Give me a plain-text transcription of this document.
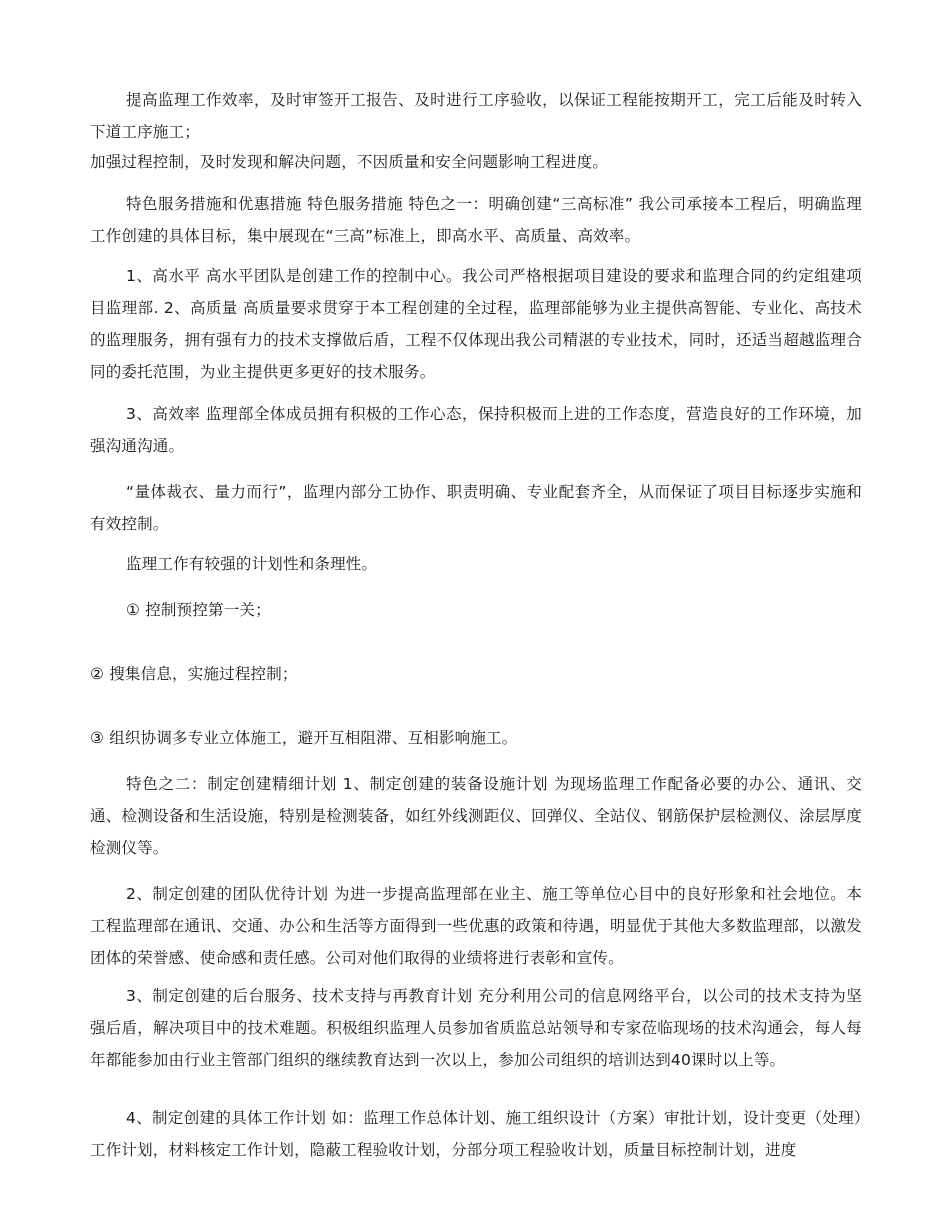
提高监理工作效率，及时审签开工报告、及时进行工序验收，以保证工程能按期开工，完工后能及时转入下道工序施工；
加强过程控制，及时发现和解决问题，不因质量和安全问题影响工程进度。
特色服务措施和优惠措施 特色服务措施 特色之一：明确创建“三高标准” 我公司承接本工程后，明确监理工作创建的具体目标，集中展现在“三高”标准上，即高水平、高质量、高效率。
1、高水平 高水平团队是创建工作的控制中心。我公司严格根据项目建设的要求和监理合同的约定组建项目监理部. 2、高质量 高质量要求贯穿于本工程创建的全过程，监理部能够为业主提供高智能、专业化、高技术的监理服务，拥有强有力的技术支撑做后盾，工程不仅体现出我公司精湛的专业技术，同时，还适当超越监理合同的委托范围，为业主提供更多更好的技术服务。
3、高效率 监理部全体成员拥有积极的工作心态，保持积极而上进的工作态度，营造良好的工作环境，加强沟通沟通。
“量体裁衣、量力而行”，监理内部分工协作、职责明确、专业配套齐全，从而保证了项目目标逐步实施和有效控制。
监理工作有较强的计划性和条理性。
① 控制预控第一关；
② 搜集信息，实施过程控制；
③ 组织协调多专业立体施工，避开互相阻滞、互相影响施工。
特色之二：制定创建精细计划 1、制定创建的装备设施计划 为现场监理工作配备必要的办公、通讯、交通、检测设备和生活设施，特别是检测装备，如红外线测距仪、回弹仪、全站仪、钢筋保护层检测仪、涂层厚度检测仪等。
2、制定创建的团队优待计划 为进一步提高监理部在业主、施工等单位心目中的良好形象和社会地位。本工程监理部在通讯、交通、办公和生活等方面得到一些优惠的政策和待遇，明显优于其他大多数监理部，以激发团体的荣誉感、使命感和责任感。公司对他们取得的业绩将进行表彰和宣传。
3、制定创建的后台服务、技术支持与再教育计划 充分利用公司的信息网络平台，以公司的技术支持为坚强后盾，解决项目中的技术难题。积极组织监理人员参加省质监总站领导和专家莅临现场的技术沟通会，每人每年都能参加由行业主管部门组织的继续教育达到一次以上，参加公司组织的培训达到40课时以上等。
4、制定创建的具体工作计划 如：监理工作总体计划、施工组织设计（方案）审批计划，设计变更（处理）工作计划，材料核定工作计划，隐蔽工程验收计划，分部分项工程验收计划，质量目标控制计划，进度
